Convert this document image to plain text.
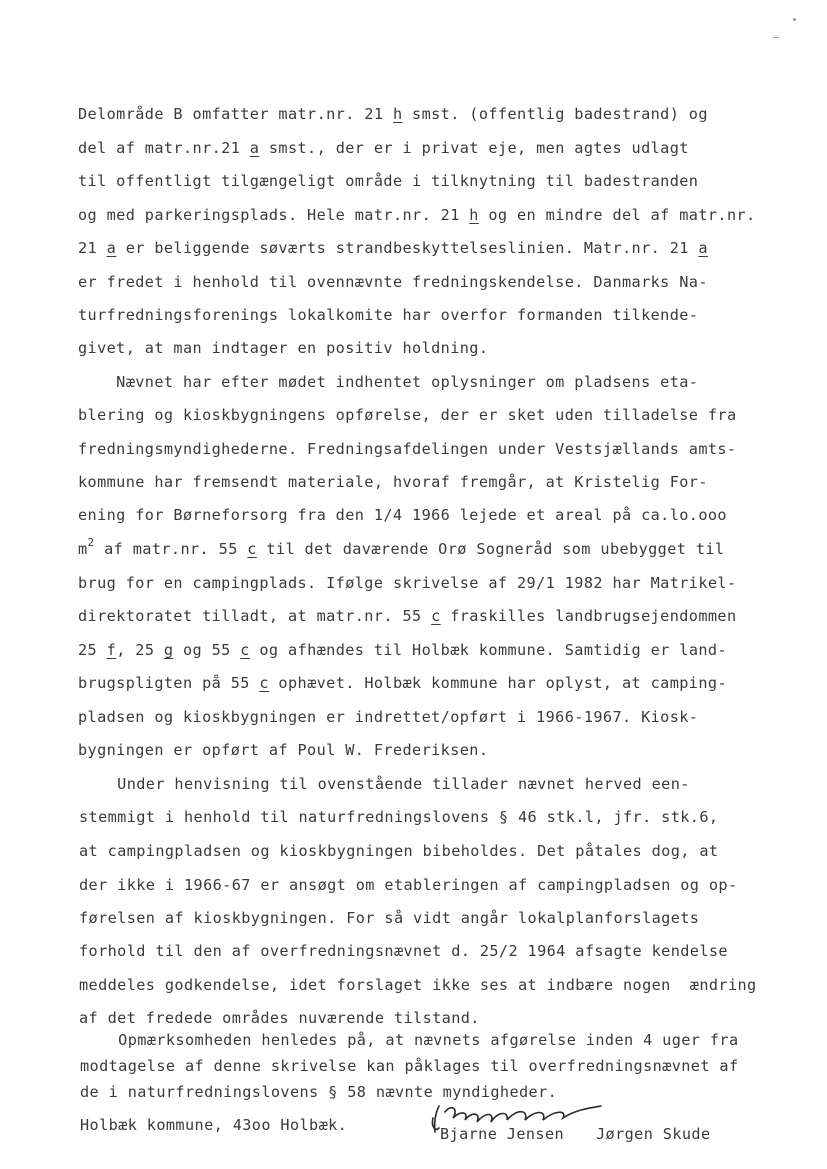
Delområde B omfatter matr.nr. 21 h smst. (offentlig badestrand) og
del af matr.nr.21 a smst., der er i privat eje, men agtes udlagt
til offentligt tilgængeligt område i tilknytning til badestranden
og med parkeringsplads. Hele matr.nr. 21 h og en mindre del af matr.nr.
21 a er beliggende søværts strandbeskyttelseslinien. Matr.nr. 21 a
er fredet i henhold til ovennævnte fredningskendelse. Danmarks Na-
turfredningsforenings lokalkomite har overfor formanden tilkende-
givet, at man indtager en positiv holdning.
Nævnet har efter mødet indhentet oplysninger om pladsens eta-
blering og kioskbygningens opførelse, der er sket uden tilladelse fra
fredningsmyndighederne. Fredningsafdelingen under Vestsjællands amts-
kommune har fremsendt materiale, hvoraf fremgår, at Kristelig For-
ening for Børneforsorg fra den 1/4 1966 lejede et areal på ca.lo.ooo
$m^2$ af matr.nr. 55 c til det daværende Orø Sogneråd som ubebygget til
brug for en campingplads. Ifølge skrivelse af 29/1 1982 har Matrikel-
direktoratet tilladt, at matr.nr. 55 c fraskilles landbrugsejendommen
25 f, 25 g og 55 c og afhændes til Holbæk kommune. Samtidig er land-
brugspligten på 55 c ophævet. Holbæk kommune har oplyst, at camping-
pladsen og kioskbygningen er indrettet/opført i 1966-1967. Kiosk-
bygningen er opført af Poul W. Frederiksen.
Under henvisning til ovenstående tillader nævnet herved een-
stemmigt i henhold til naturfredningslovens § 46 stk.l, jfr. stk.6,
at campingpladsen og kioskbygningen bibeholdes. Det påtales dog, at
der ikke i 1966-67 er ansøgt om etableringen af campingpladsen og op-
førelsen af kioskbygningen. For så vidt angår lokalplanforslagets
forhold til den af overfredningsnævnet d. 25/2 1964 afsagte kendelse
meddeles godkendelse, idet forslaget ikke ses at indbære nogen  ændring
af det fredede områdes nuværende tilstand.
Opmærksomheden henledes på, at nævnets afgørelse inden 4 uger fra
modtagelse af denne skrivelse kan påklages til overfredningsnævnet af
de i naturfredningslovens § 58 nævnte myndigheder.
Holbæk kommune, 43oo Holbæk.	Bjarne Jensen Jørgen Skude
